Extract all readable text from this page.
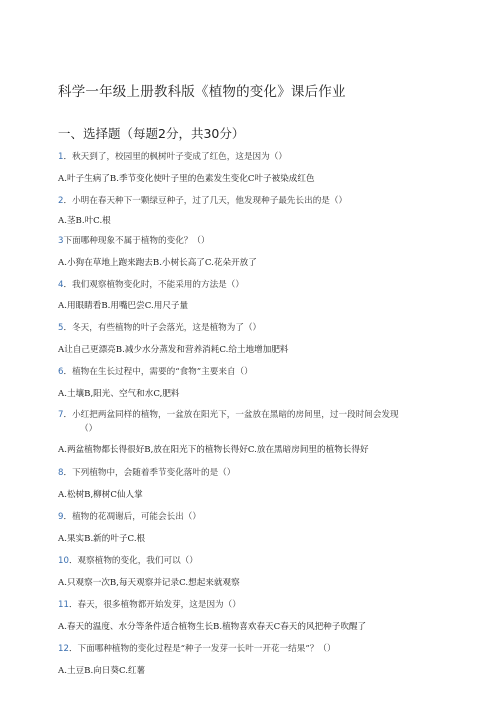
科学一年级上册教科版《植物的变化》课后作业
一、选择题（每题2分，共30分）
1．秋天到了，校园里的枫树叶子变成了红色，这是因为（）
A.叶子生病了B.季节变化使叶子里的色素发生变化C叶子被染成红色
2．小明在春天种下一颗绿豆种子，过了几天，他发现种子最先长出的是（）
A.茎B.叶C.根
3下面哪种现象不属于植物的变化？（）
A.小狗在草地上跑来跑去B.小树长高了C.花朵开放了
4．我们观察植物变化时，不能采用的方法是（）
A.用眼睛看B.用嘴巴尝C.用尺子量
5．冬天，有些植物的叶子会落光，这是植物为了（）
A让自己更漂亮B.减少水分蒸发和营养消耗C.给土地增加肥料
6．植物在生长过程中，需要的“食物”主要来自（）
A.土壤B,阳光、空气和水C,肥料
7．小红把两盆同样的植物，一盆放在阳光下，一盆放在黑暗的房间里，过一段时间会发现
（）
A.两盆植物都长得很好B,放在阳光下的植物长得好C.放在黑暗房间里的植物长得好
8．下列植物中，会随着季节变化落叶的是（）
A.松树B,柳树C仙人掌
9．植物的花凋谢后，可能会长出（）
A.果实B.新的叶子C.根
10．观察植物的变化，我们可以（）
A.只观察一次B,每天观察并记录C.想起来就观察
11．春天，很多植物都开始发芽，这是因为（）
A.春天的温度、水分等条件适合植物生长B.植物喜欢春天C春天的风把种子吹醒了
12．下面哪种植物的变化过程是“种子一发芽一长叶一开花一结果”？（）
A.土豆B.向日葵C.红薯
